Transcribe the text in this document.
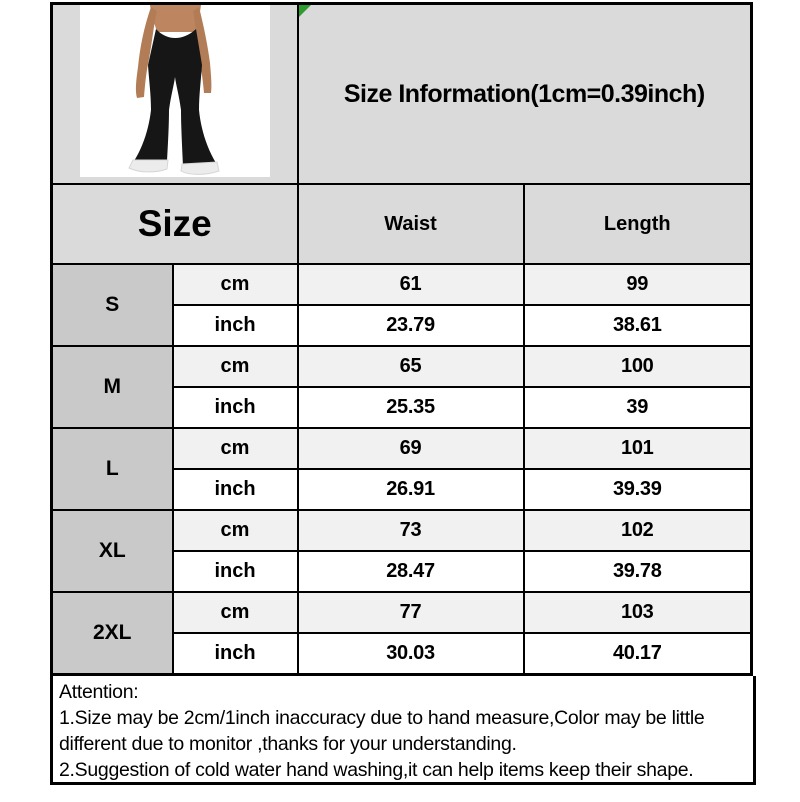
Size Information(1cm=0.39inch)	
Size		Waist	Length
S	cm	61	99
	inch	23.79	38.61
M	cm	65	100
	inch	25.35	39
L	cm	69	101
	inch	26.91	39.39
XL	cm	73	102
	inch	28.47	39.78
2XL	cm	77	103
	inch	30.03	40.17
Attention:
1.Size may be 2cm/1inch inaccuracy due to hand measure,Color may be little
different due to monitor ,thanks for your understanding.
2.Suggestion of cold water hand washing,it can help items keep their shape.
